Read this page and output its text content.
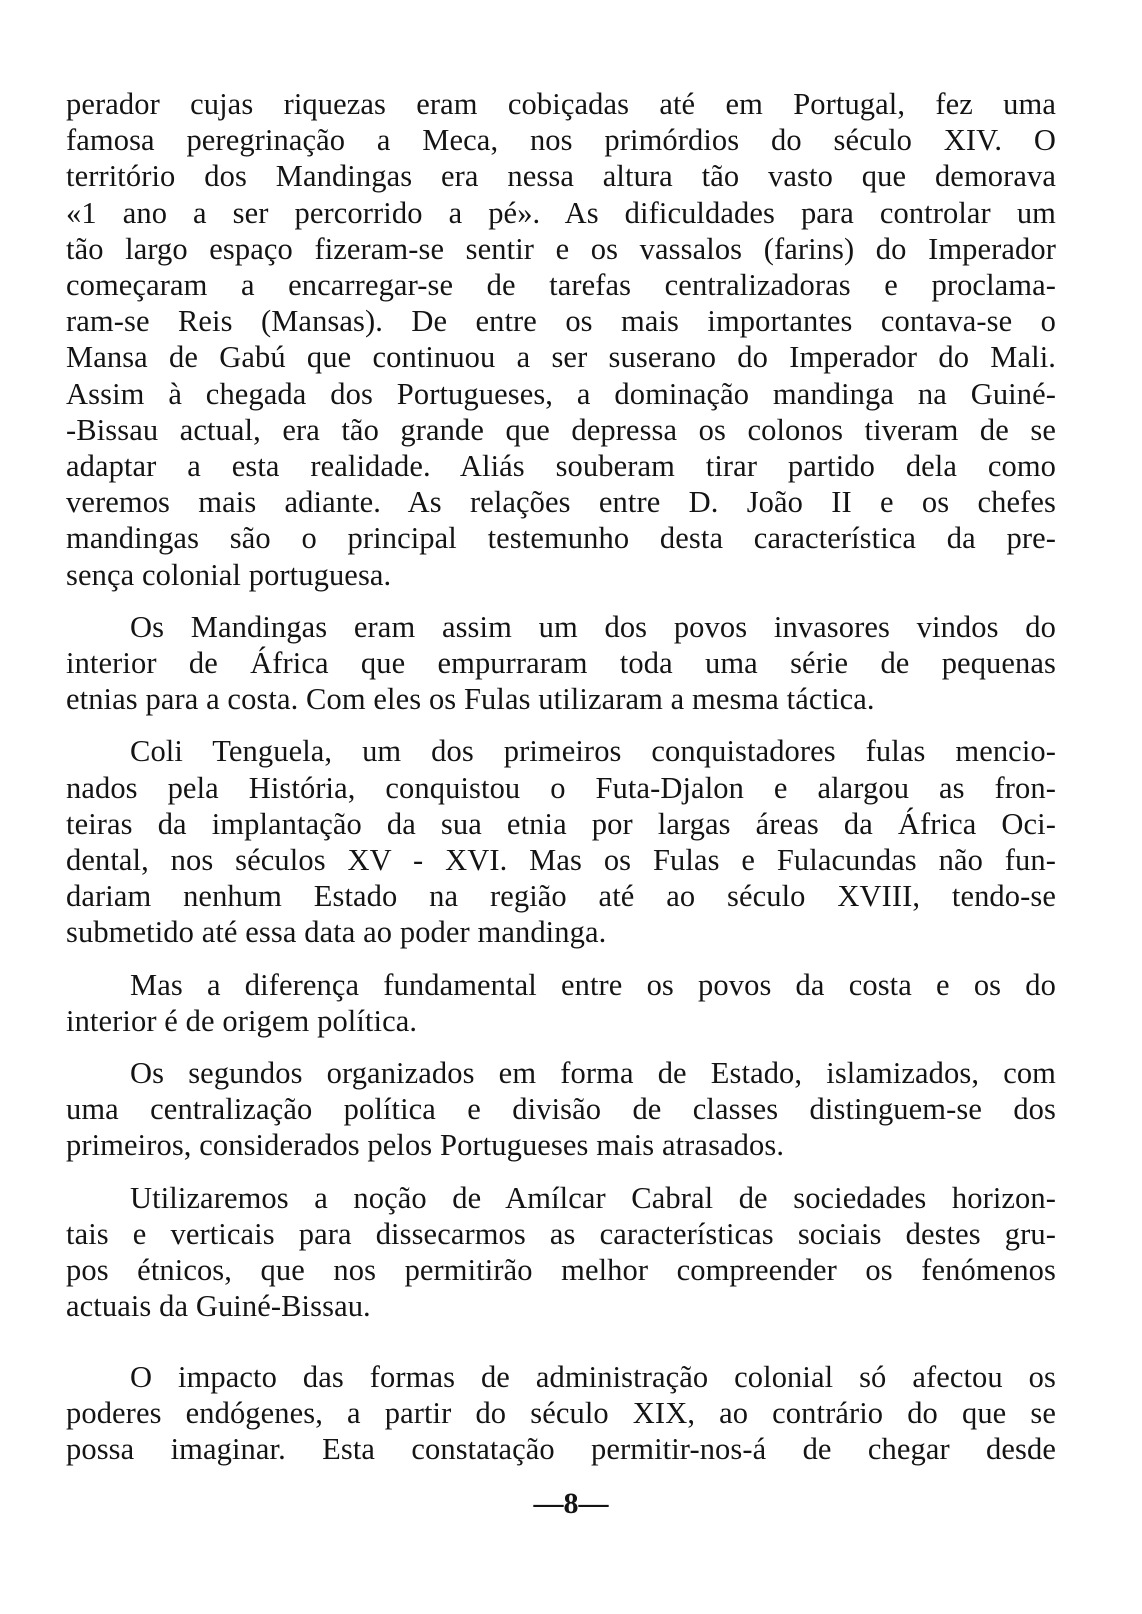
perador cujas riquezas eram cobiçadas até em Portugal, fez uma
famosa peregrinação a Meca, nos primórdios do século XIV. O
território dos Mandingas era nessa altura tão vasto que demorava
«1 ano a ser percorrido a pé». As dificuldades para controlar um
tão largo espaço fizeram-se sentir e os vassalos (farins) do Imperador
começaram a encarregar-se de tarefas centralizadoras e proclama-
ram-se Reis (Mansas). De entre os mais importantes contava-se o
Mansa de Gabú que continuou a ser suserano do Imperador do Mali.
Assim à chegada dos Portugueses, a dominação mandinga na Guiné-
-Bissau actual, era tão grande que depressa os colonos tiveram de se
adaptar a esta realidade. Aliás souberam tirar partido dela como
veremos mais adiante. As relações entre D. João II e os chefes
mandingas são o principal testemunho desta característica da pre-
sença colonial portuguesa.
Os Mandingas eram assim um dos povos invasores vindos do
interior de África que empurraram toda uma série de pequenas
etnias para a costa. Com eles os Fulas utilizaram a mesma táctica.
Coli Tenguela, um dos primeiros conquistadores fulas mencio-
nados pela História, conquistou o Futa-Djalon e alargou as fron-
teiras da implantação da sua etnia por largas áreas da África Oci-
dental, nos séculos XV - XVI. Mas os Fulas e Fulacundas não fun-
dariam nenhum Estado na região até ao século XVIII, tendo-se
submetido até essa data ao poder mandinga.
Mas a diferença fundamental entre os povos da costa e os do
interior é de origem política.
Os segundos organizados em forma de Estado, islamizados, com
uma centralização política e divisão de classes distinguem-se dos
primeiros, considerados pelos Portugueses mais atrasados.
Utilizaremos a noção de Amílcar Cabral de sociedades horizon-
tais e verticais para dissecarmos as características sociais destes gru-
pos étnicos, que nos permitirão melhor compreender os fenómenos
actuais da Guiné-Bissau.
O impacto das formas de administração colonial só afectou os
poderes endógenes, a partir do século XIX, ao contrário do que se
possa imaginar. Esta constatação permitir-nos-á de chegar desde
—8—
